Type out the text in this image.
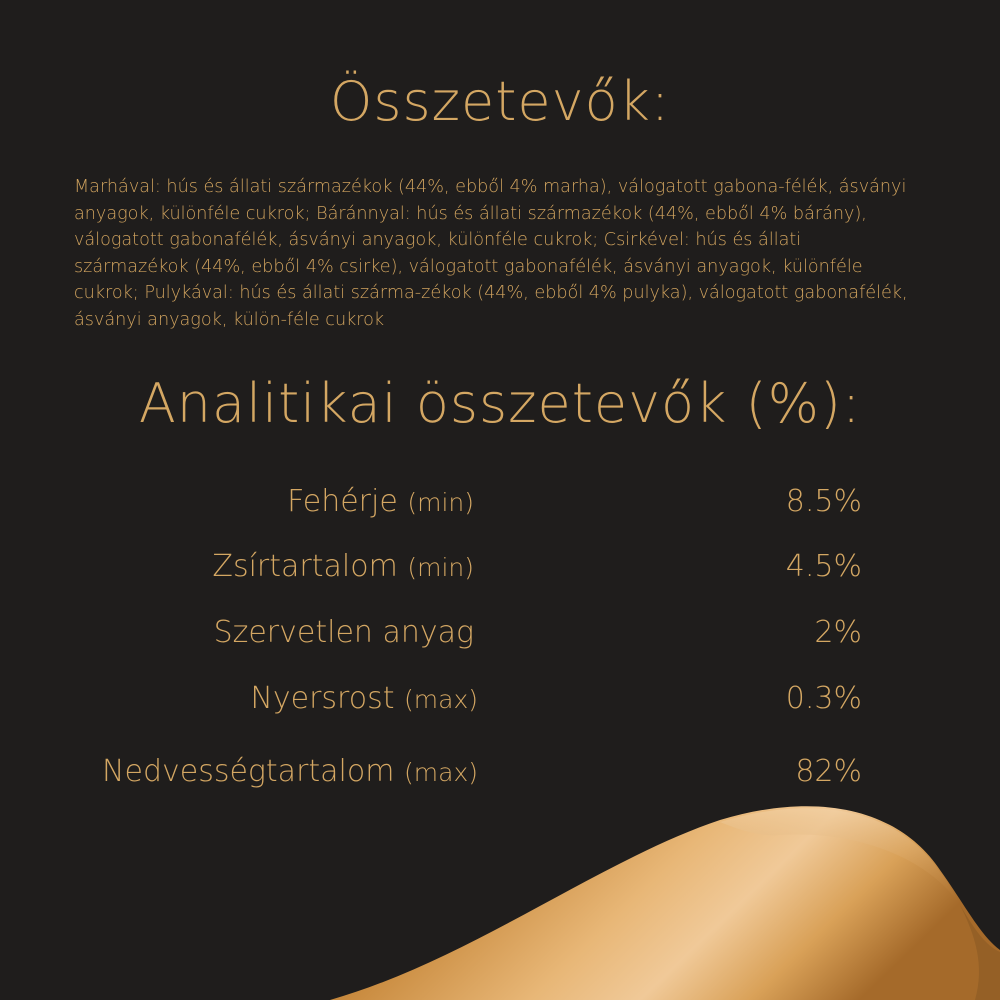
Összetevők:

Marhával: hús és állati származékok (44%, ebből 4% marha), válogatott gabona-félék, ásványi anyagok, különféle cukrok; Báránnyal: hús és állati származékok (44%, ebből 4% bárány), válogatott gabonafélék, ásványi anyagok, különféle cukrok; Csirkével: hús és állati származékok (44%, ebből 4% csirke), válogatott gabonafélék, ásványi anyagok, különféle cukrok; Pulykával: hús és állati szárma-zékok (44%, ebből 4% pulyka), válogatott gabonafélék, ásványi anyagok, külön-féle cukrok

Analitikai összetevők (%):
Fehérje (min)	8.5%
Zsírtartalom (min)	4.5%
Szervetlen anyag	2%
Nyersrost (max)	0.3%
Nedvességtartalom (max)	82%
